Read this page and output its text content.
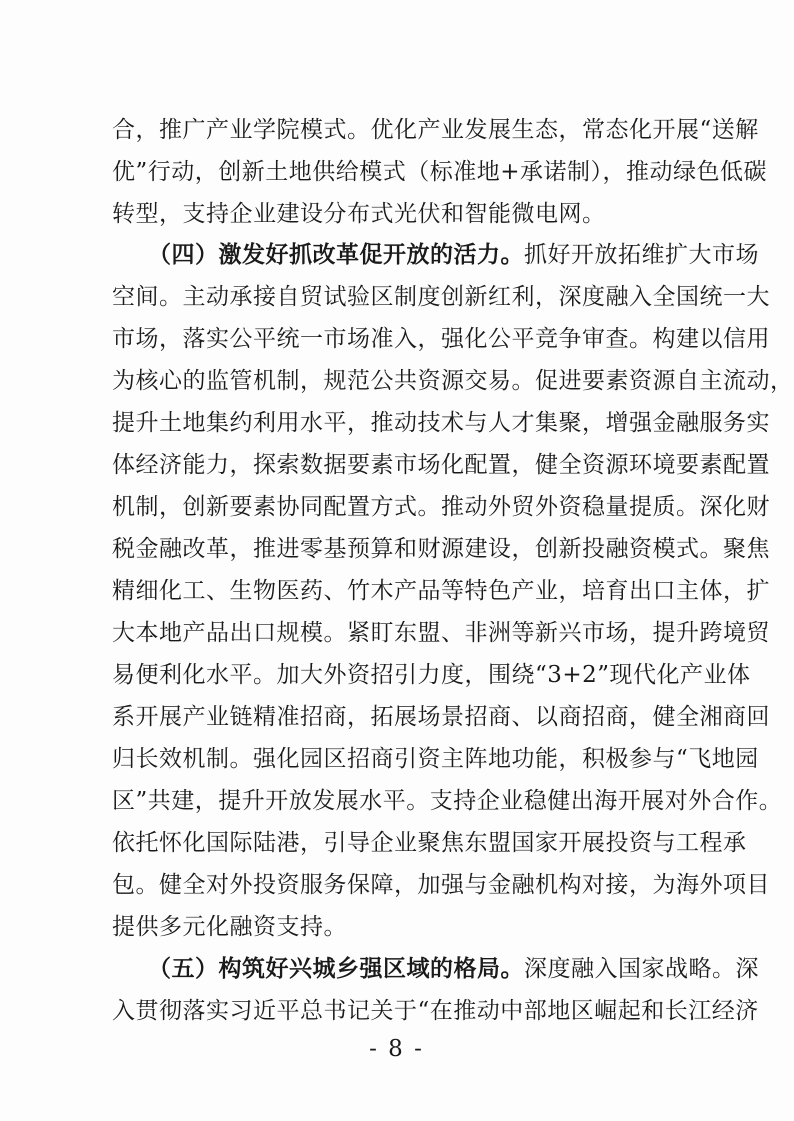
合，推广产业学院模式。优化产业发展生态，常态化开展“送解
优”行动，创新土地供给模式（标准地+承诺制），推动绿色低碳
转型，支持企业建设分布式光伏和智能微电网。
（四）激发好抓改革促开放的活力。抓好开放拓维扩大市场
空间。主动承接自贸试验区制度创新红利，深度融入全国统一大
市场，落实公平统一市场准入，强化公平竞争审查。构建以信用
为核心的监管机制，规范公共资源交易。促进要素资源自主流动，
提升土地集约利用水平，推动技术与人才集聚，增强金融服务实
体经济能力，探索数据要素市场化配置，健全资源环境要素配置
机制，创新要素协同配置方式。推动外贸外资稳量提质。深化财
税金融改革，推进零基预算和财源建设，创新投融资模式。聚焦
精细化工、生物医药、竹木产品等特色产业，培育出口主体，扩
大本地产品出口规模。紧盯东盟、非洲等新兴市场，提升跨境贸
易便利化水平。加大外资招引力度，围绕“3+2”现代化产业体
系开展产业链精准招商，拓展场景招商、以商招商，健全湘商回
归长效机制。强化园区招商引资主阵地功能，积极参与“飞地园
区”共建，提升开放发展水平。支持企业稳健出海开展对外合作。
依托怀化国际陆港，引导企业聚焦东盟国家开展投资与工程承
包。健全对外投资服务保障，加强与金融机构对接，为海外项目
提供多元化融资支持。
（五）构筑好兴城乡强区域的格局。深度融入国家战略。深
入贯彻落实习近平总书记关于“在推动中部地区崛起和长江经济
- 8 -
